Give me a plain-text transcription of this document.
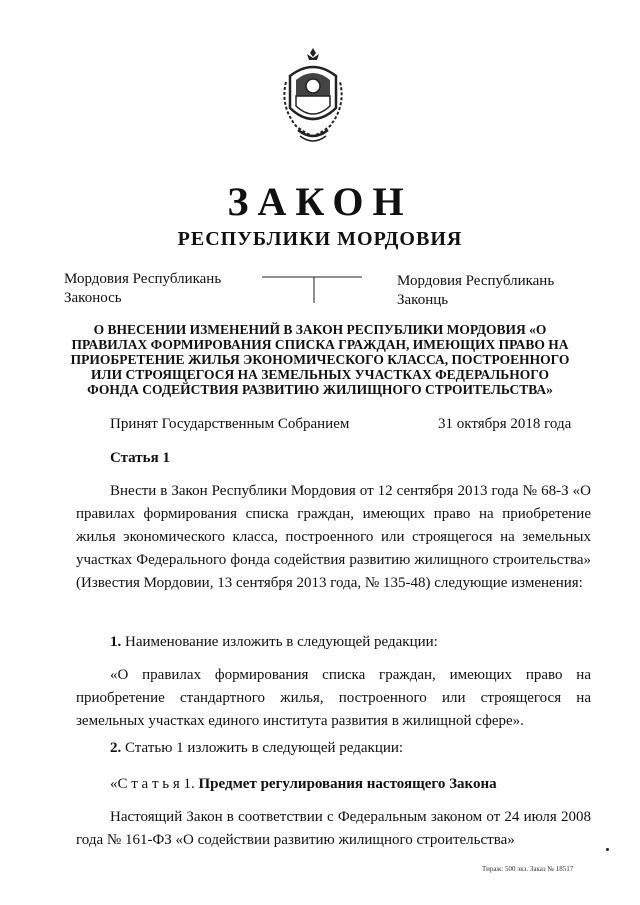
ЗАКОН
РЕСПУБЛИКИ МОРДОВИЯ
Мордовия Республикань
Законось
Мордовия Республикань
Законць
О ВНЕСЕНИИ ИЗМЕНЕНИЙ В ЗАКОН РЕСПУБЛИКИ МОРДОВИЯ «О ПРАВИЛАХ ФОРМИРОВАНИЯ СПИСКА ГРАЖДАН, ИМЕЮЩИХ ПРАВО НА ПРИОБРЕТЕНИЕ ЖИЛЬЯ ЭКОНОМИЧЕСКОГО КЛАССА, ПОСТРОЕННОГО ИЛИ СТРОЯЩЕГОСЯ НА ЗЕМЕЛЬНЫХ УЧАСТКАХ ФЕДЕРАЛЬНОГО ФОНДА СОДЕЙСТВИЯ РАЗВИТИЮ ЖИЛИЩНОГО СТРОИТЕЛЬСТВА»
Принят Государственным Собранием	31 октября 2018 года
Статья 1

Внести в Закон Республики Мордовия от 12 сентября 2013 года № 68-З «О правилах формирования списка граждан, имеющих право на приобретение жилья экономического класса, построенного или строящегося на земельных участках Федерального фонда содействия развитию жилищного строительства» (Известия Мордовии, 13 сентября 2013 года, № 135-48) следующие изменения:

1. Наименование изложить в следующей редакции:

«О правилах формирования списка граждан, имеющих право на приобретение стандартного жилья, построенного или строящегося на земельных участках единого института развития в жилищной сфере».

2. Статью 1 изложить в следующей редакции:
«С т а т ь я 1. Предмет регулирования настоящего Закона

Настоящий Закон в соответствии с Федеральным законом от 24 июля 2008 года № 161-ФЗ «О содействии развитию жилищного строительства»

Тираж: 500 экз. Заказ № 18517
